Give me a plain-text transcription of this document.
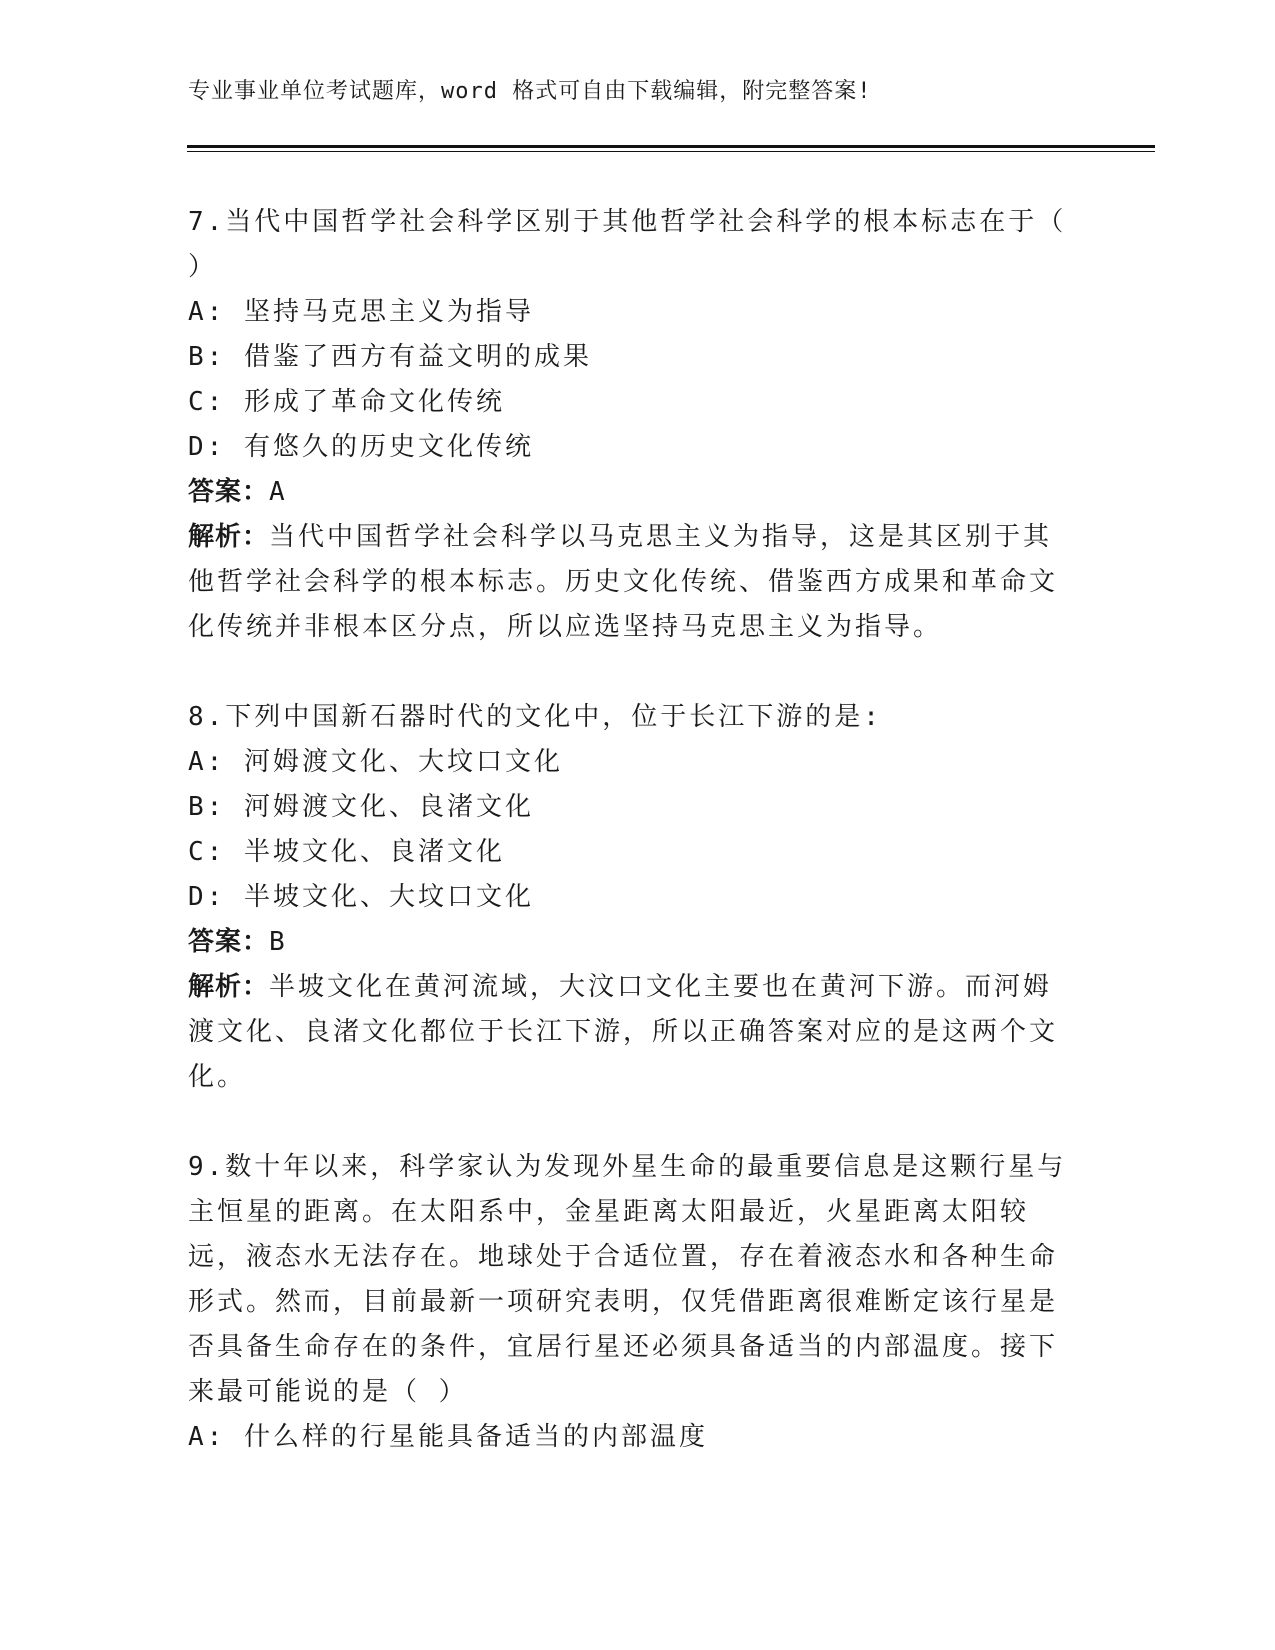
专业事业单位考试题库，word 格式可自由下载编辑，附完整答案!
7.当代中国哲学社会科学区别于其他哲学社会科学的根本标志在于（ ）
A: 坚持马克思主义为指导
B: 借鉴了西方有益文明的成果
C: 形成了革命文化传统
D: 有悠久的历史文化传统
答案：A
解析：当代中国哲学社会科学以马克思主义为指导，这是其区别于其他哲学社会科学的根本标志。历史文化传统、借鉴西方成果和革命文化传统并非根本区分点，所以应选坚持马克思主义为指导。
8.下列中国新石器时代的文化中，位于长江下游的是:
A: 河姆渡文化、大坟口文化
B: 河姆渡文化、良渚文化
C: 半坡文化、良渚文化
D: 半坡文化、大坟口文化
答案：B
解析：半坡文化在黄河流域，大汶口文化主要也在黄河下游。而河姆渡文化、良渚文化都位于长江下游，所以正确答案对应的是这两个文化。
9.数十年以来，科学家认为发现外星生命的最重要信息是这颗行星与主恒星的距离。在太阳系中，金星距离太阳最近，火星距离太阳较远，液态水无法存在。地球处于合适位置，存在着液态水和各种生命形式。然而，目前最新一项研究表明，仅凭借距离很难断定该行星是否具备生命存在的条件，宜居行星还必须具备适当的内部温度。接下来最可能说的是（ ）
A: 什么样的行星能具备适当的内部温度
